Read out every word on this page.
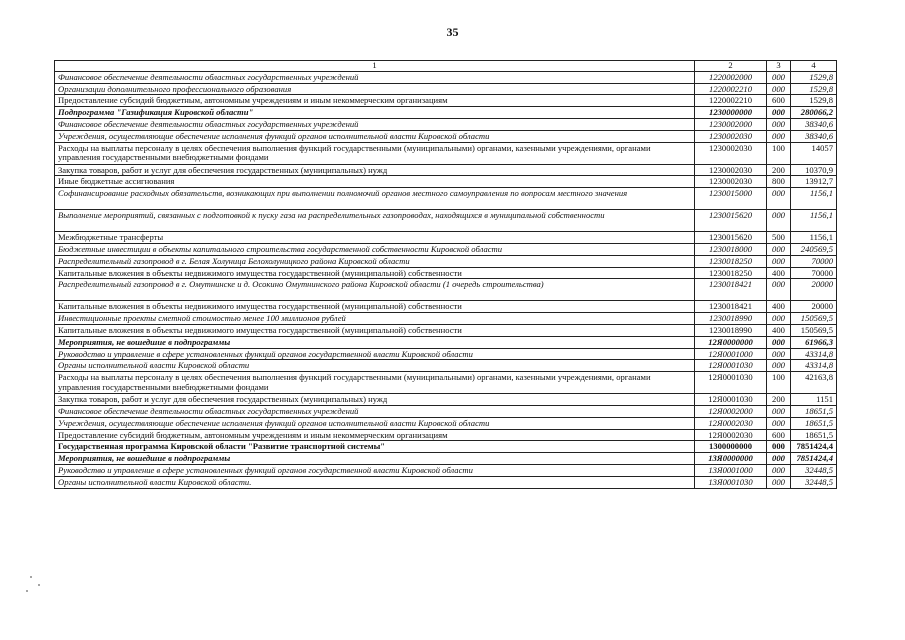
35
1	2	3	4
Финансовое обеспечение деятельности областных государственных учреждений	1220002000	000	1529,8
Организации дополнительного профессионального образования	1220002210	000	1529,8
Предоставление субсидий бюджетным, автономным учреждениям и иным некоммерческим организациям	1220002210	600	1529,8
Подпрограмма "Газификация Кировской области"	1230000000	000	280066,2
Финансовое обеспечение деятельности областных государственных учреждений	1230002000	000	38340,6
Учреждения, осуществляющие обеспечение исполнения функций органов исполнительной власти Кировской области	1230002030	000	38340,6
Расходы на выплаты персоналу в целях обеспечения выполнения функций государственными (муниципальными) органами, казенными учреждениями, органами управления государственными внебюджетными фондами	1230002030	100	14057
Закупка товаров, работ и услуг для обеспечения государственных (муниципальных) нужд	1230002030	200	10370,9
Иные бюджетные ассигнования	1230002030	800	13912,7
Софинансирование расходных обязательств, возникающих при выполнении полномочий органов местного самоуправления по вопросам местного значения	1230015000	000	1156,1
Выполнение мероприятий, связанных с подготовкой к пуску газа на распределительных газопроводах, находящихся в муниципальной собственности	1230015620	000	1156,1
Межбюджетные трансферты	1230015620	500	1156,1
Бюджетные инвестиции в объекты капитального строительства государственной собственности Кировской области	1230018000	000	240569,5
Распределительный газопровод в г. Белая Холуница Белохолуницкого района Кировской области	1230018250	000	70000
Капитальные вложения в объекты недвижимого имущества государственной (муниципальной) собственности	1230018250	400	70000
Распределительный газопровод в г. Омутнинске и д. Осокино Омутнинского района Кировской области (1 очередь строительства)	1230018421	000	20000
Капитальные вложения в объекты недвижимого имущества государственной (муниципальной) собственности	1230018421	400	20000
Инвестиционные проекты сметной стоимостью менее 100 миллионов рублей	1230018990	000	150569,5
Капитальные вложения в объекты недвижимого имущества государственной (муниципальной) собственности	1230018990	400	150569,5
Мероприятия, не вошедшие в подпрограммы	12Я0000000	000	61966,3
Руководство и управление в сфере установленных функций органов государственной власти Кировской области	12Я0001000	000	43314,8
Органы исполнительной власти Кировской области	12Я0001030	000	43314,8
Расходы на выплаты персоналу в целях обеспечения выполнения функций государственными (муниципальными) органами, казенными учреждениями, органами управления государственными внебюджетными фондами	12Я0001030	100	42163,8
Закупка товаров, работ и услуг для обеспечения государственных (муниципальных) нужд	12Я0001030	200	1151
Финансовое обеспечение деятельности областных государственных учреждений	12Я0002000	000	18651,5
Учреждения, осуществляющие обеспечение исполнения функций органов исполнительной власти Кировской области	12Я0002030	000	18651,5
Предоставление субсидий бюджетным, автономным учреждениям и иным некоммерческим организациям	12Я0002030	600	18651,5
Государственная программа Кировской области "Развитие транспортной системы"	1300000000	000	7851424,4
Мероприятия, не вошедшие в подпрограммы	13Я0000000	000	7851424,4
Руководство и управление в сфере установленных функций органов государственной власти Кировской области	13Я0001000	000	32448,5
Органы исполнительной власти Кировской области.	13Я0001030	000	32448,5
